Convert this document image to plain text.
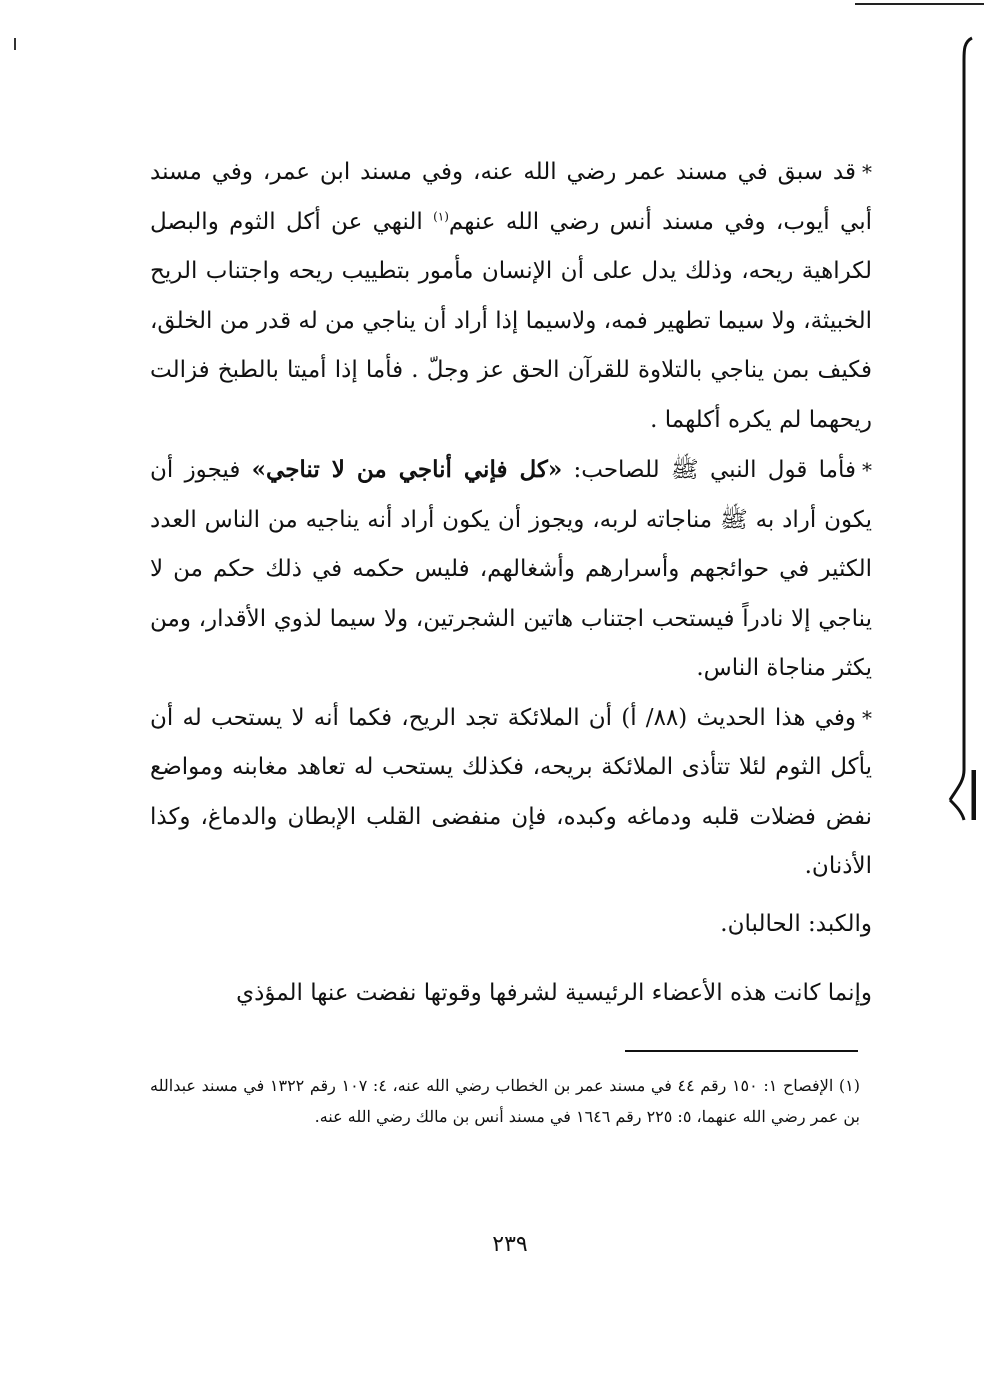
*قد سبق في مسند عمر رضي الله عنه، وفي مسند ابن عمر، وفي مسند أبي أيوب، وفي مسند أنس رضي الله عنهم$^{(١)}$ النهي عن أكل الثوم والبصل لكراهية ريحه، وذلك يدل على أن الإنسان مأمور بتطييب ريحه واجتناب الريح الخبيثة، ولا سيما تطهير فمه، ولاسيما إذا أراد أن يناجي من له قدر من الخلق، فكيف بمن يناجي بالتلاوة للقرآن الحق عز وجلّ . فأما إذا أميتا بالطبخ فزالت ريحهما لم يكره أكلهما .

*فأما قول النبي ﷺ للصاحب: «كل فإني أناجي من لا تناجي» فيجوز أن يكون أراد به ﷺ مناجاته لربه، ويجوز أن يكون أراد أنه يناجيه من الناس العدد الكثير في حوائجهم وأسرارهم وأشغالهم، فليس حكمه في ذلك حكم من لا يناجي إلا نادراً فيستحب اجتناب هاتين الشجرتين، ولا سيما لذوي الأقدار، ومن يكثر مناجاة الناس.

*وفي هذا الحديث (٨٨/ أ) أن الملائكة تجد الريح، فكما أنه لا يستحب له أن يأكل الثوم لئلا تتأذى الملائكة بريحه، فكذلك يستحب له تعاهد مغابنه ومواضع نفض فضلات قلبه ودماغه وكبده، فإن منفضى القلب الإبطان والدماغ، وكذا الأذنان.

والكبد: الحالبان.

وإنما كانت هذه الأعضاء الرئيسية لشرفها وقوتها نفضت عنها المؤذي

(١) الإفصاح ١: ١٥٠ رقم ٤٤ في مسند عمر بن الخطاب رضي الله عنه، ٤: ١٠٧ رقم ١٣٢٢ في مسند عبدالله بن عمر رضي الله عنهما، ٥: ٢٢٥ رقم ١٦٤٦ في مسند أنس بن مالك رضي الله عنه.

٢٣٩
